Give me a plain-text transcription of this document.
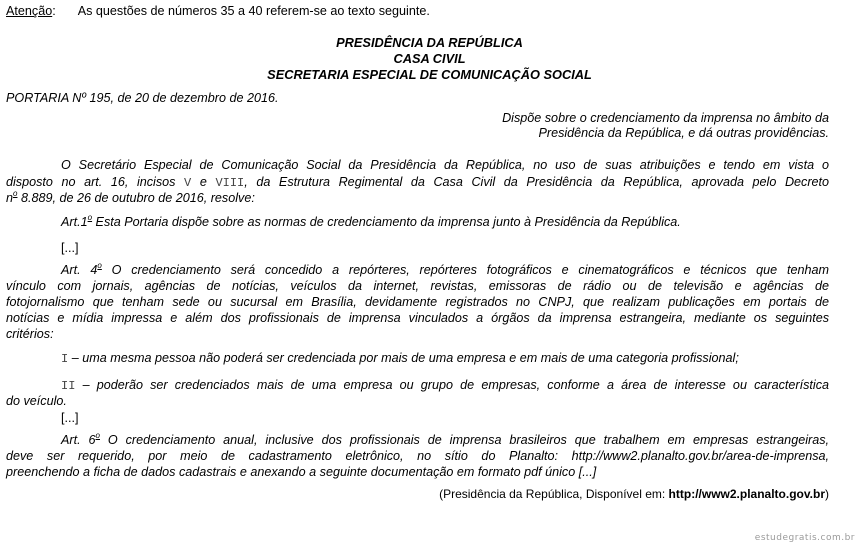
Atenção: As questões de números 35 a 40 referem-se ao texto seguinte.
PRESIDÊNCIA DA REPÚBLICA
CASA CIVIL
SECRETARIA ESPECIAL DE COMUNICAÇÃO SOCIAL
PORTARIA Nº 195, de 20 de dezembro de 2016.
Dispõe sobre o credenciamento da imprensa no âmbito da
Presidência da República, e dá outras providências.
O Secretário Especial de Comunicação Social da Presidência da República, no uso de suas atribuições e tendo em vista o
disposto no art. 16, incisos V e VIII, da Estrutura Regimental da Casa Civil da Presidência da República, aprovada pelo Decreto
$n^o$ 8.889, de 26 de outubro de 2016, resolve:
Art.1$^o$ Esta Portaria dispõe sobre as normas de credenciamento da imprensa junto à Presidência da República.
[...]
Art. 4$^o$ O credenciamento será concedido a repórteres, repórteres fotográficos e cinematográficos e técnicos que tenham
vínculo com jornais, agências de notícias, veículos da internet, revistas, emissoras de rádio ou de televisão e agências de
fotojornalismo que tenham sede ou sucursal em Brasília, devidamente registrados no CNPJ, que realizam publicações em portais de
notícias e mídia impressa e além dos profissionais de imprensa vinculados a órgãos da imprensa estrangeira, mediante os seguintes
critérios:
I – uma mesma pessoa não poderá ser credenciada por mais de uma empresa e em mais de uma categoria profissional;
II – poderão ser credenciados mais de uma empresa ou grupo de empresas, conforme a área de interesse ou característica
do veículo.
[...]
Art. 6$^o$ O credenciamento anual, inclusive dos profissionais de imprensa brasileiros que trabalhem em empresas estrangeiras,
deve ser requerido, por meio de cadastramento eletrônico, no sítio do Planalto: http://www2.planalto.gov.br/area-de-imprensa,
preenchendo a ficha de dados cadastrais e anexando a seguinte documentação em formato pdf único [...]
(Presidência da República, Disponível em: http://www2.planalto.gov.br)
estudegratis.com.br
